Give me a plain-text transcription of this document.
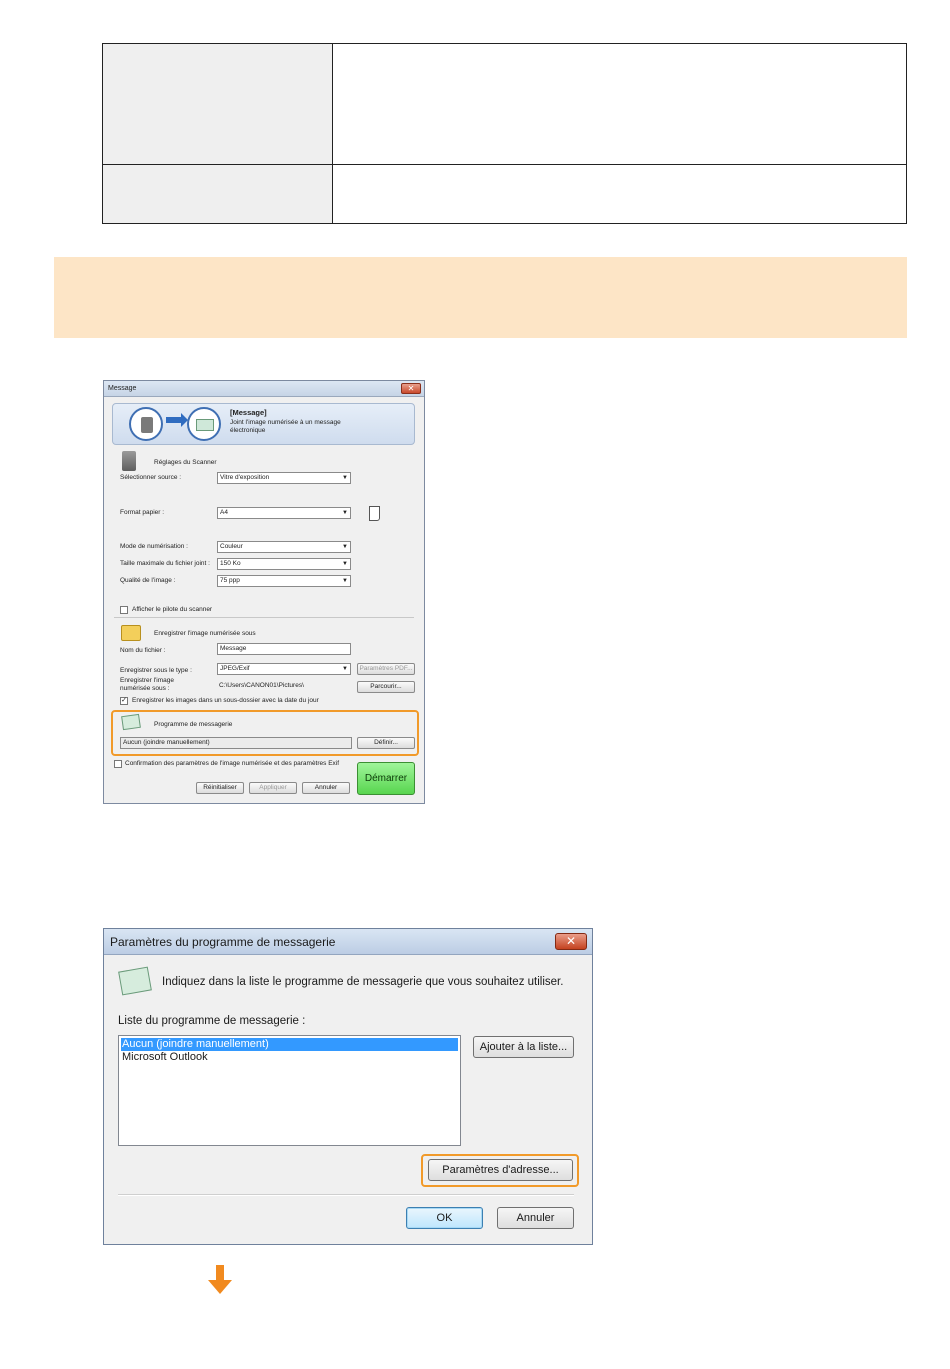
Message	✕
[Message]
Joint l'image numérisée à un message électronique
Réglages du Scanner
Sélectionner source :	Vitre d'exposition	▼
Format papier :	A4	▼
Mode de numérisation :	Couleur	▼
Taille maximale du fichier joint :	150 Ko	▼
Qualité de l'image :	75 ppp	▼
Afficher le pilote du scanner
Enregistrer l'image numérisée sous
Nom du fichier :	Message
Enregistrer sous le type :	JPEG/Exif	▼	Paramètres PDF...
Enregistrer l'image
numérisée sous :	C:\Users\CANON01\Pictures\	Parcourir...
✓ Enregistrer les images dans un sous-dossier avec la date du jour
Programme de messagerie
Aucun (joindre manuellement)	Définir...
Confirmation des paramètres de l'image numérisée et des paramètres Exif
Réinitialiser	Appliquer	Annuler
Démarrer
Paramètres du programme de messagerie	✕
Indiquez dans la liste le programme de messagerie que vous souhaitez utiliser.
Liste du programme de messagerie :
Aucun (joindre manuellement)
Microsoft Outlook
Ajouter à la liste...
Paramètres d'adresse...
OK	Annuler
